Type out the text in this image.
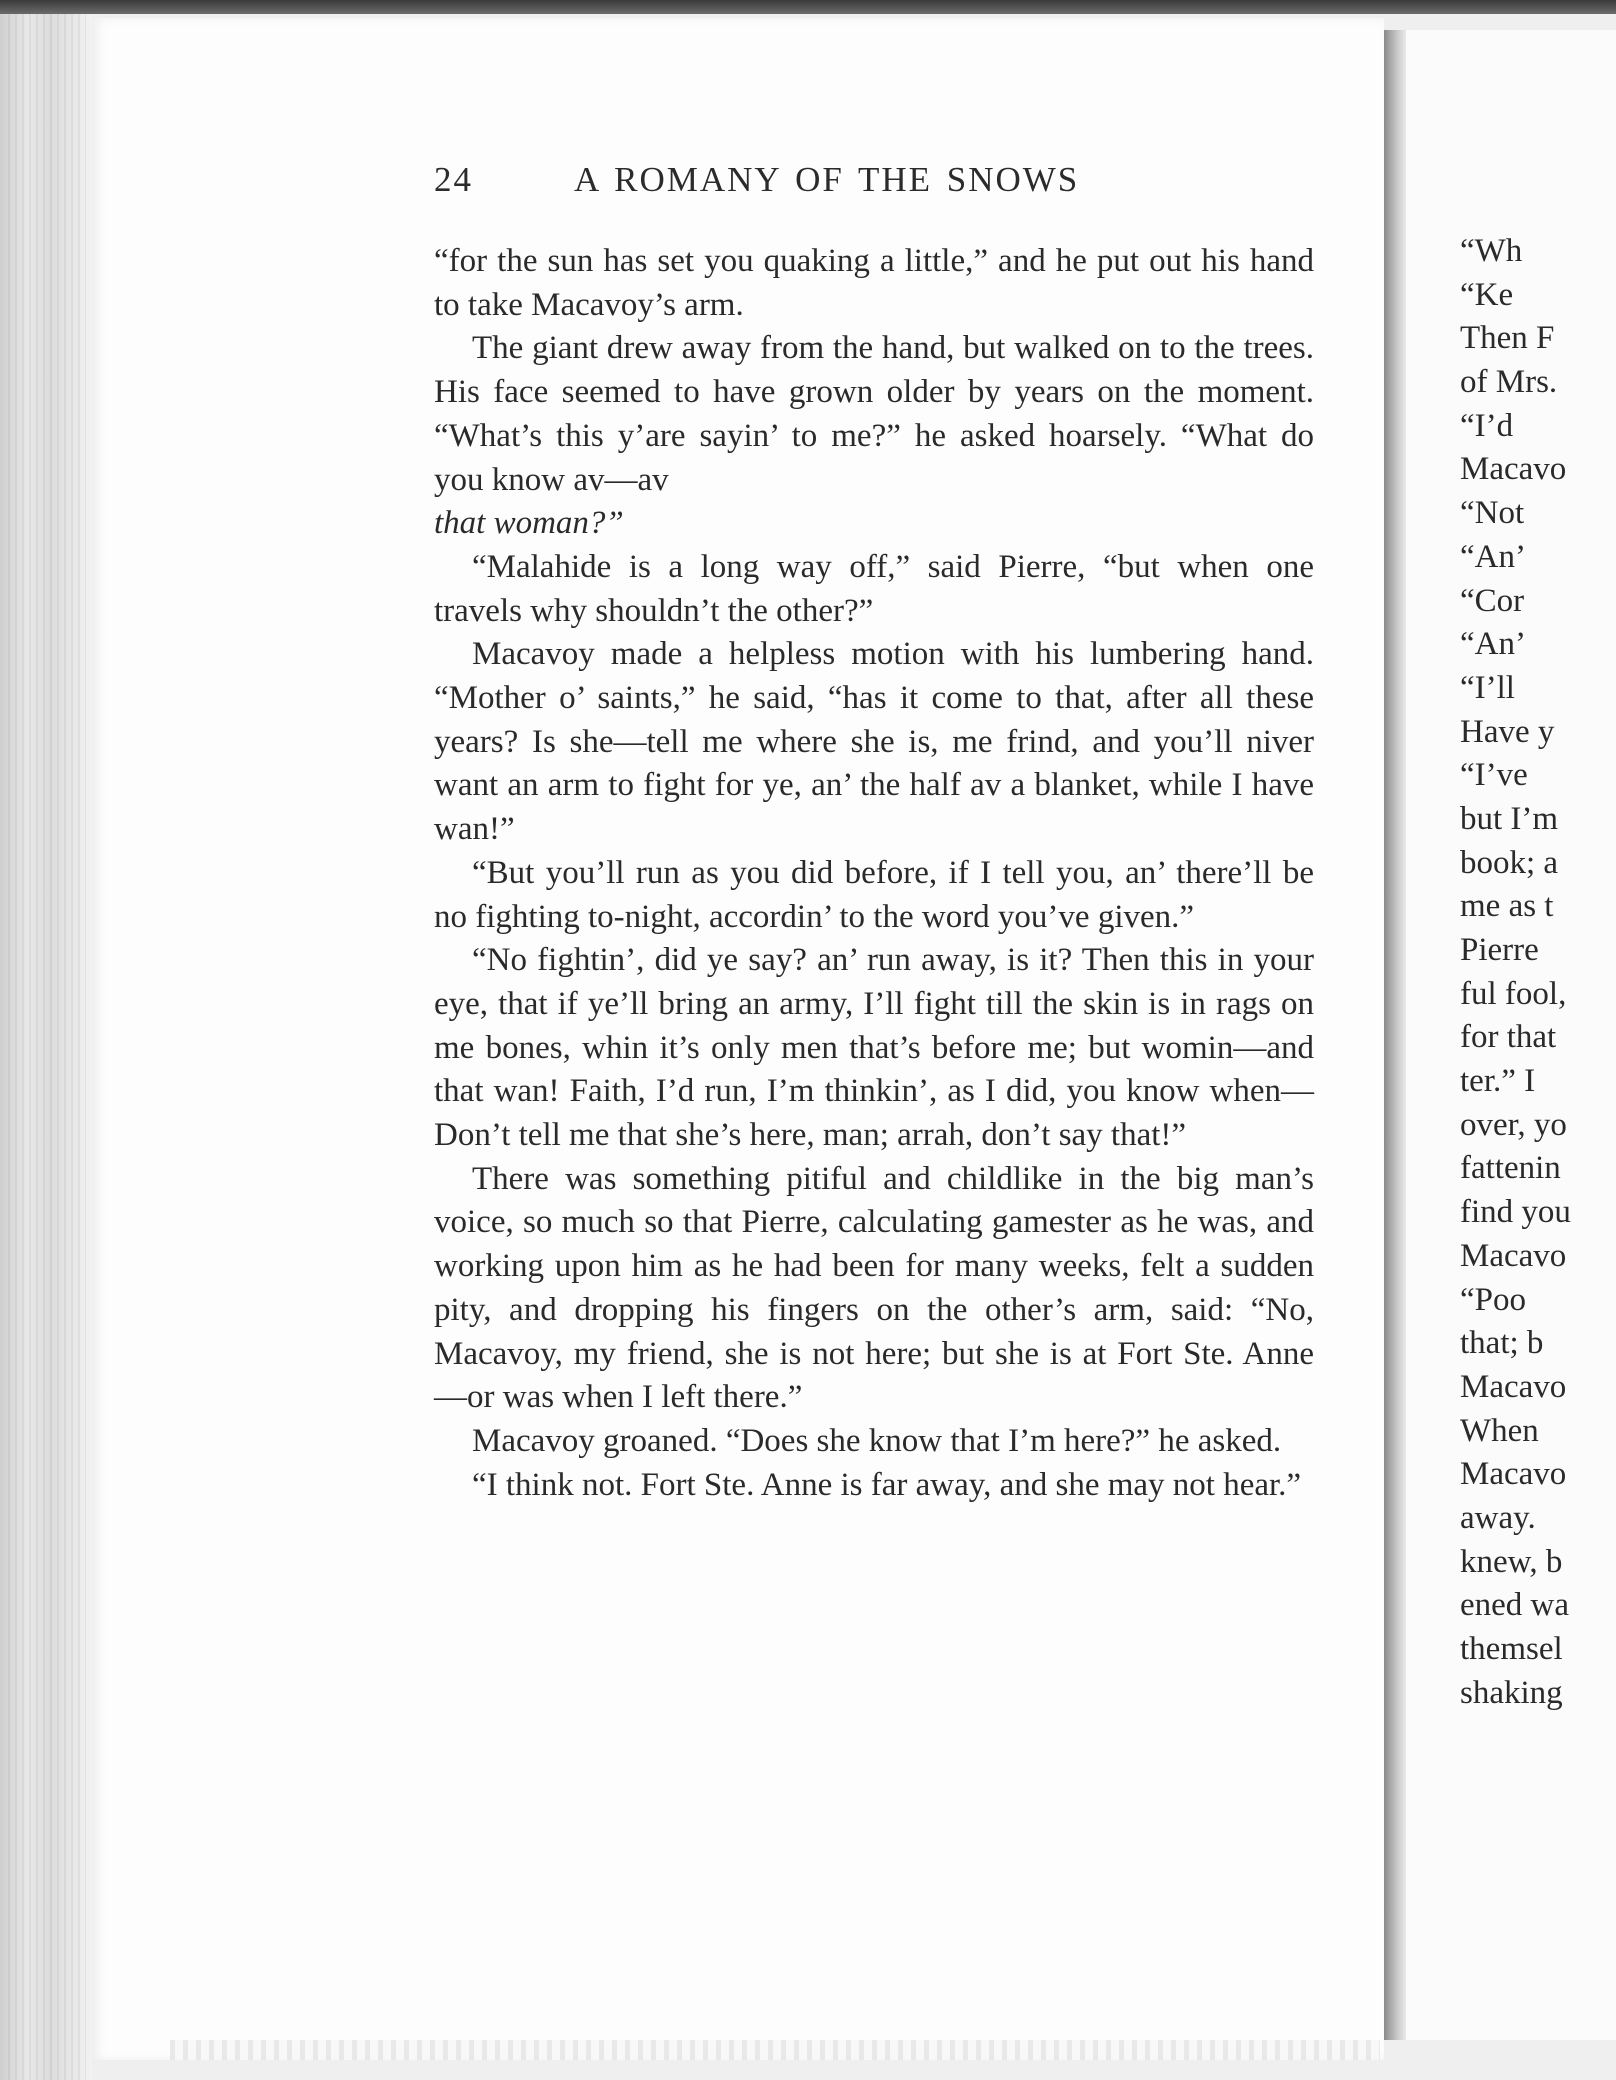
24	A ROMANY OF THE SNOWS

“for the sun has set you quaking a little,” and he put out his hand to take Macavoy’s arm.

The giant drew away from the hand, but walked on to the trees. His face seemed to have grown older by years on the moment. “What’s this y’are sayin’ to me?” he asked hoarsely. “What do you know av—av

that woman?”

“Malahide is a long way off,” said Pierre, “but when one travels why shouldn’t the other?”

Macavoy made a helpless motion with his lumbering hand. “Mother o’ saints,” he said, “has it come to that, after all these years? Is she—tell me where she is, me frind, and you’ll niver want an arm to fight for ye, an’ the half av a blanket, while I have wan!”

“But you’ll run as you did before, if I tell you, an’ there’ll be no fighting to-night, accordin’ to the word you’ve given.”

“No fightin’, did ye say? an’ run away, is it? Then this in your eye, that if ye’ll bring an army, I’ll fight till the skin is in rags on me bones, whin it’s only men that’s before me; but womin—and that wan! Faith, I’d run, I’m thinkin’, as I did, you know when—Don’t tell me that she’s here, man; arrah, don’t say that!”

There was something pitiful and childlike in the big man’s voice, so much so that Pierre, calculating gamester as he was, and working upon him as he had been for many weeks, felt a sudden pity, and dropping his fingers on the other’s arm, said: “No, Macavoy, my friend, she is not here; but she is at Fort Ste. Anne —or was when I left there.”

Macavoy groaned. “Does she know that I’m here?” he asked.

“I think not. Fort Ste. Anne is far away, and she may not hear.”

“Wh
“Ke
Then F
of Mrs.
“I’d
Macavo
“Not
“An’
“Cor
“An’
“I’ll
Have y
“I’ve
but I’m
book; a
me as t
Pierre
ful fool,
for that
ter.” I
over, yo
fattenin
find you
Macavo
“Poo
that; b
Macavo
When
Macavo
away.
knew, b
ened wa
themsel
shaking
